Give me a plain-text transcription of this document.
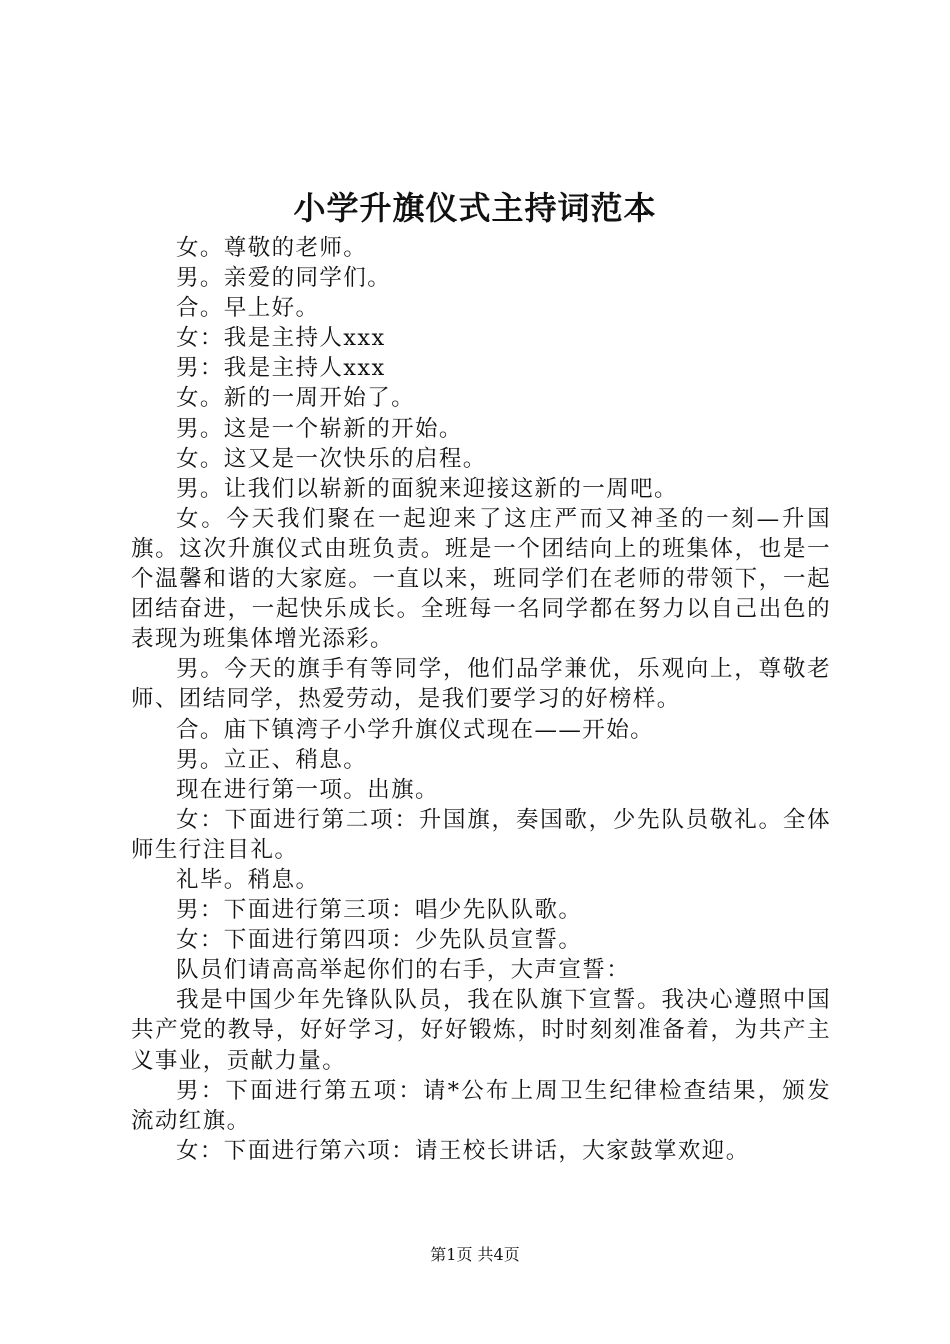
小学升旗仪式主持词范本

女。尊敬的老师。

男。亲爱的同学们。

合。早上好。

女：我是主持人xxx

男：我是主持人xxx

女。新的一周开始了。

男。这是一个崭新的开始。

女。这又是一次快乐的启程。

男。让我们以崭新的面貌来迎接这新的一周吧。

女。今天我们聚在一起迎来了这庄严而又神圣的一刻—升国旗。这次升旗仪式由班负责。班是一个团结向上的班集体，也是一个温馨和谐的大家庭。一直以来，班同学们在老师的带领下，一起团结奋进，一起快乐成长。全班每一名同学都在努力以自己出色的表现为班集体增光添彩。

男。今天的旗手有等同学，他们品学兼优，乐观向上，尊敬老师、团结同学，热爱劳动，是我们要学习的好榜样。

合。庙下镇湾子小学升旗仪式现在——开始。

男。立正、稍息。

现在进行第一项。出旗。

女：下面进行第二项：升国旗，奏国歌，少先队员敬礼。全体师生行注目礼。

礼毕。稍息。

男：下面进行第三项：唱少先队队歌。

女：下面进行第四项：少先队员宣誓。

队员们请高高举起你们的右手，大声宣誓：

我是中国少年先锋队队员，我在队旗下宣誓。我决心遵照中国共产党的教导，好好学习，好好锻炼，时时刻刻准备着，为共产主义事业，贡献力量。

男：下面进行第五项：请*公布上周卫生纪律检查结果，颁发流动红旗。

女：下面进行第六项：请王校长讲话，大家鼓掌欢迎。

第1页 共4页
